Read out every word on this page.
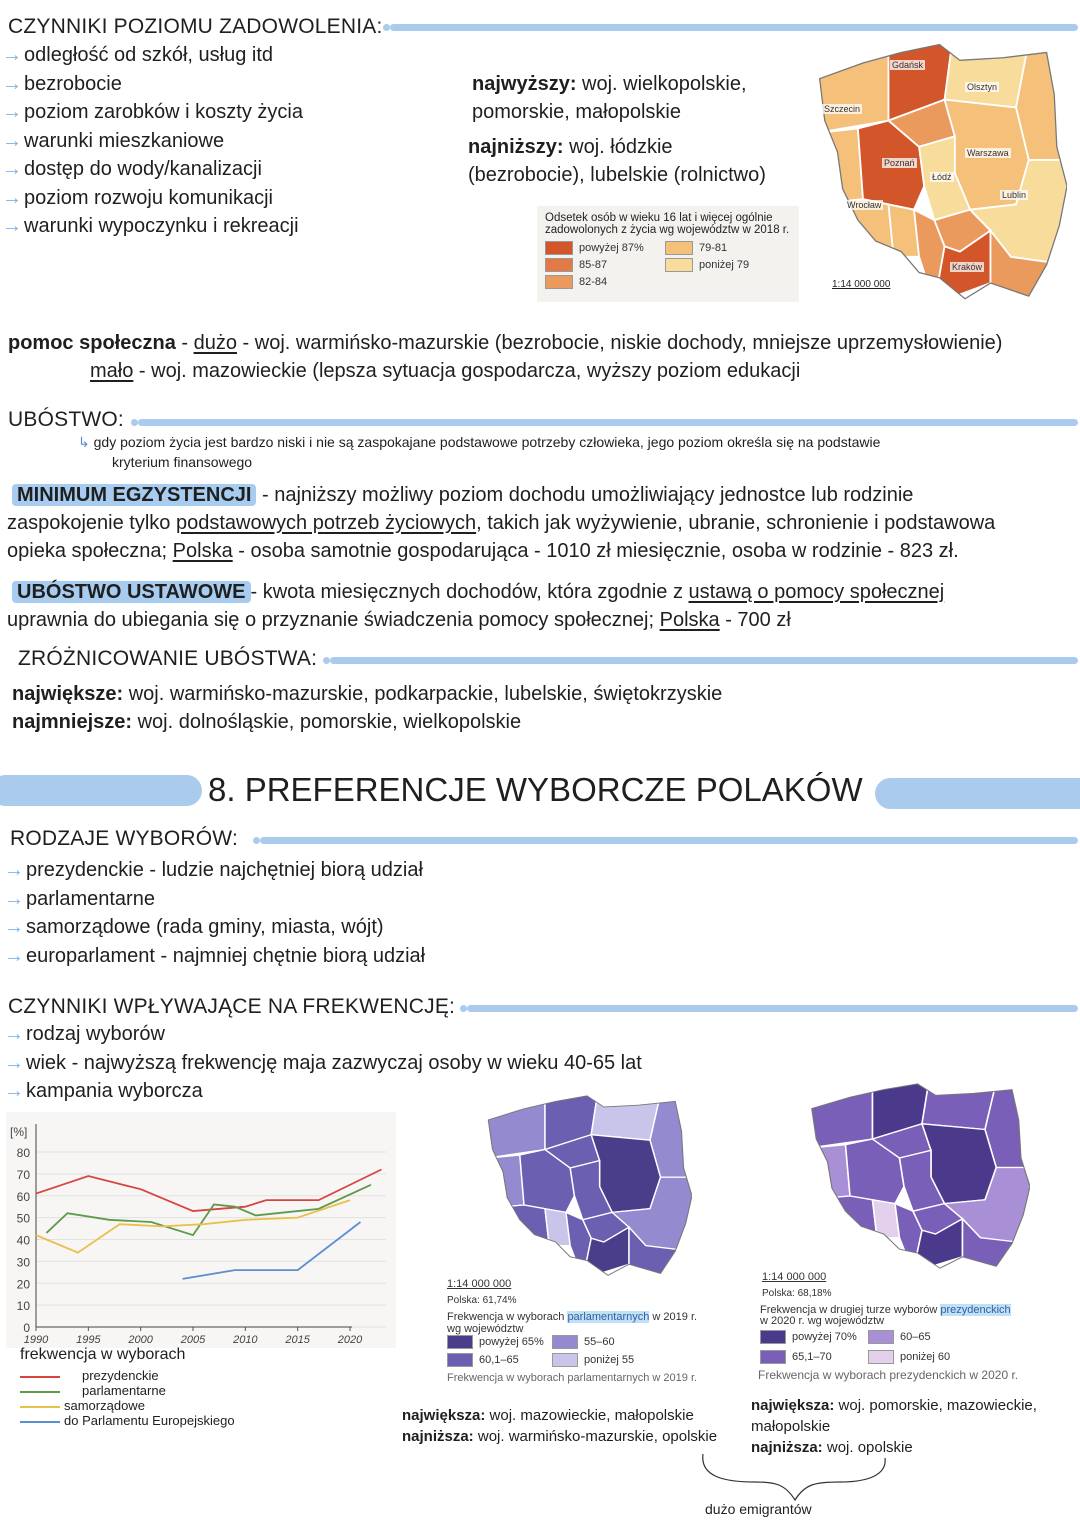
CZYNNIKI POZIOMU ZADOWOLENIA:
najwyższy: woj. wielkopolskie,
pomorskie, małopolskie
najniższy: woj. łódzkie
(bezrobocie), lubelskie (rolnictwo)
Odsetek osób w wieku 16 lat i więcej ogólnie zadowolonych z życia wg województw w 2018 r.
1:14 000 000
pomoc społeczna - dużo - woj. warmińsko-mazurskie (bezrobocie, niskie dochody, mniejsze uprzemysłowienie)
mało - woj. mazowieckie (lepsza sytuacja gospodarcza, wyższy poziom edukacji
UBÓSTWO:
↳ gdy poziom życia jest bardzo niski i nie są zaspokajane podstawowe potrzeby człowieka, jego poziom określa się na podstawie
kryterium finansowego
MINIMUM EGZYSTENCJI - najniższy możliwy poziom dochodu umożliwiający jednostce lub rodzinie
zaspokojenie tylko podstawowych potrzeb życiowych, takich jak wyżywienie, ubranie, schronienie i podstawowa
opieka społeczna; Polska - osoba samotnie gospodarująca - 1010 zł miesięcznie, osoba w rodzinie - 823 zł.
UBÓSTWO USTAWOWE - kwota miesięcznych dochodów, która zgodnie z ustawą o pomocy społecznej
uprawnia do ubiegania się o przyznanie świadczenia pomocy społecznej; Polska - 700 zł
ZRÓŻNICOWANIE UBÓSTWA:
największe: woj. warmińsko-mazurskie, podkarpackie, lubelskie, świętokrzyskie
najmniejsze: woj. dolnośląskie, pomorskie, wielkopolskie
8. PREFERENCJE WYBORCZE POLAKÓW
RODZAJE WYBORÓW:
CZYNNIKI WPŁYWAJĄCE NA FREKWENCJĘ:
0
10
20
30
40
50
60
70
80
1990	1995	2000	2005	2010	2015	2020
[%]
frekwencja w wyborach
1:14 000 000
Polska: 61,74%
Frekwencja w wyborach parlamentarnych w 2019 r.
wg województw
Frekwencja w wyborach parlamentarnych w 2019 r.
1:14 000 000
Polska: 68,18%
Frekwencja w drugiej turze wyborów prezydenckich
w 2020 r. wg województw
Frekwencja w wyborach prezydenckich w 2020 r.
największa: woj. mazowieckie, małopolskie
najniższa: woj. warmińsko-mazurskie, opolskie
największa: woj. pomorskie, mazowieckie,
małopolskie
najniższa: woj. opolskie
dużo emigrantów
→ odległość od szkół, usług itd
→ bezrobocie
→ poziom zarobków i koszty życia
→ warunki mieszkaniowe
→ dostęp do wody/kanalizacji
→ poziom rozwoju komunikacji
→ warunki wypoczynku i rekreacji
→ prezydenckie - ludzie najchętniej biorą udział
→ parlamentarne
→ samorządowe (rada gminy, miasta, wójt)
→ europarlament - najmniej chętnie biorą udział
→ rodzaj wyborów
→ wiek - najwyższą frekwencję maja zazwyczaj osoby w wieku 40-65 lat
→ kampania wyborcza
powyżej 87%
85-87
82-84
79-81
poniżej 79
powyżej 65%
60,1–65
55–60
poniżej 55
powyżej 70%
65,1–70
60–65
poniżej 60
Gdańsk
Olsztyn
Szczecin
Poznań
Warszawa
Łódź
Lublin
Wrocław
Kraków
prezydenckie
parlamentarne
samorządowe
do Parlamentu Europejskiego
